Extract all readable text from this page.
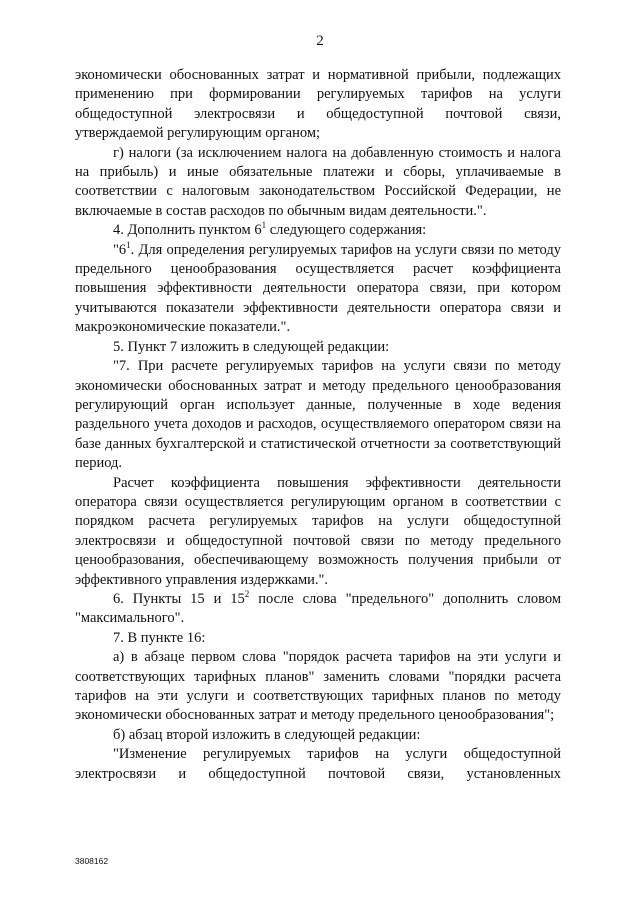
2

экономически обоснованных затрат и нормативной прибыли, подлежащих применению при формировании регулируемых тарифов на услуги общедоступной электросвязи и общедоступной почтовой связи, утверждаемой регулирующим органом;

г) налоги (за исключением налога на добавленную стоимость и налога на прибыль) и иные обязательные платежи и сборы, уплачиваемые в соответствии с налоговым законодательством Российской Федерации, не включаемые в состав расходов по обычным видам деятельности.".

4. Дополнить пунктом $6^1$ следующего содержания:

"$6^1$. Для определения регулируемых тарифов на услуги связи по методу предельного ценообразования осуществляется расчет коэффициента повышения эффективности деятельности оператора связи, при котором учитываются показатели эффективности деятельности оператора связи и макроэкономические показатели.".

5. Пункт 7 изложить в следующей редакции:

"7. При расчете регулируемых тарифов на услуги связи по методу экономически обоснованных затрат и методу предельного ценообразования регулирующий орган использует данные, полученные в ходе ведения раздельного учета доходов и расходов, осуществляемого оператором связи на базе данных бухгалтерской и статистической отчетности за соответствующий период.

Расчет коэффициента повышения эффективности деятельности оператора связи осуществляется регулирующим органом в соответствии с порядком расчета регулируемых тарифов на услуги общедоступной электросвязи и общедоступной почтовой связи по методу предельного ценообразования, обеспечивающему возможность получения прибыли от эффективного управления издержками.".

6. Пункты 15 и $15^2$ после слова "предельного" дополнить словом "максимального".

7. В пункте 16:

а) в абзаце первом слова "порядок расчета тарифов на эти услуги и соответствующих тарифных планов" заменить словами "порядки расчета тарифов на эти услуги и соответствующих тарифных планов по методу экономически обоснованных затрат и методу предельного ценообразования";

б) абзац второй изложить в следующей редакции:

"Изменение регулируемых тарифов на услуги общедоступной электросвязи и общедоступной почтовой связи, установленных

3808162
